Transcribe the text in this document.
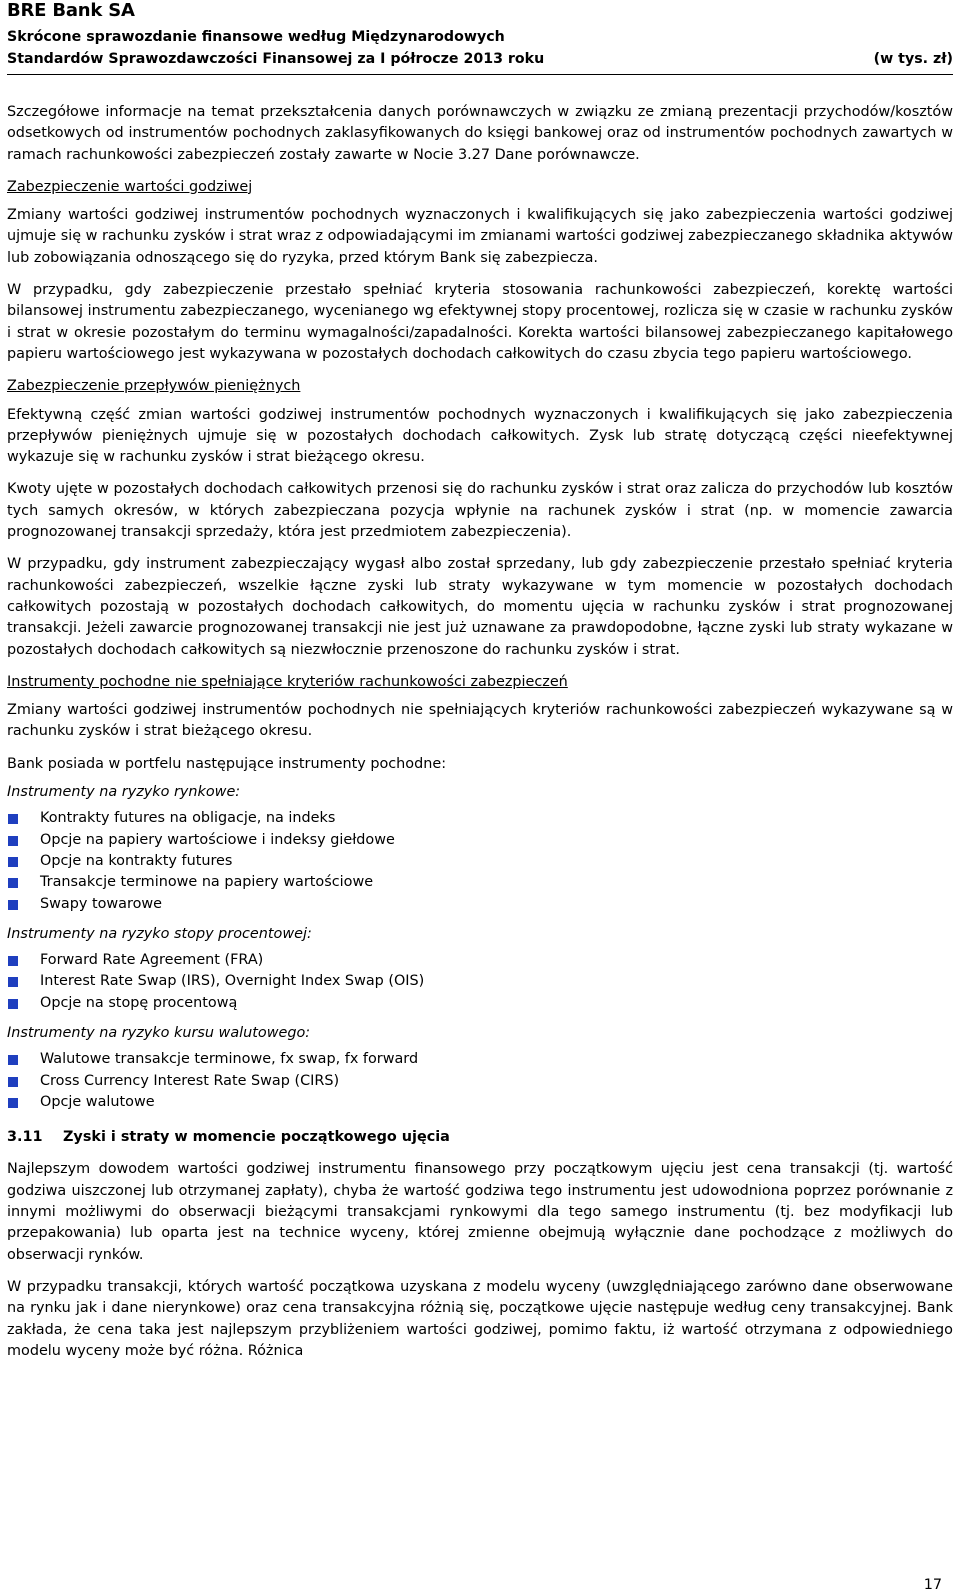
BRE Bank SA
Skrócone sprawozdanie finansowe według Międzynarodowych
Standardów Sprawozdawczości Finansowej za I półrocze 2013 roku	(w tys. zł)

Szczegółowe informacje na temat przekształcenia danych porównawczych w związku ze zmianą prezentacji przychodów/kosztów odsetkowych od instrumentów pochodnych zaklasyfikowanych do księgi bankowej oraz od instrumentów pochodnych zawartych w ramach rachunkowości zabezpieczeń zostały zawarte w Nocie 3.27 Dane porównawcze.

Zabezpieczenie wartości godziwej

Zmiany wartości godziwej instrumentów pochodnych wyznaczonych i kwalifikujących się jako zabezpieczenia wartości godziwej ujmuje się w rachunku zysków i strat wraz z odpowiadającymi im zmianami wartości godziwej zabezpieczanego składnika aktywów lub zobowiązania odnoszącego się do ryzyka, przed którym Bank się zabezpiecza.

W przypadku, gdy zabezpieczenie przestało spełniać kryteria stosowania rachunkowości zabezpieczeń, korektę wartości bilansowej instrumentu zabezpieczanego, wycenianego wg efektywnej stopy procentowej, rozlicza się w czasie w rachunku zysków i strat w okresie pozostałym do terminu wymagalności/zapadalności. Korekta wartości bilansowej zabezpieczanego kapitałowego papieru wartościowego jest wykazywana w pozostałych dochodach całkowitych do czasu zbycia tego papieru wartościowego.

Zabezpieczenie przepływów pieniężnych

Efektywną część zmian wartości godziwej instrumentów pochodnych wyznaczonych i kwalifikujących się jako zabezpieczenia przepływów pieniężnych ujmuje się w pozostałych dochodach całkowitych. Zysk lub stratę dotyczącą części nieefektywnej wykazuje się w rachunku zysków i strat bieżącego okresu.

Kwoty ujęte w pozostałych dochodach całkowitych przenosi się do rachunku zysków i strat oraz zalicza do przychodów lub kosztów tych samych okresów, w których zabezpieczana pozycja wpłynie na rachunek zysków i strat (np. w momencie zawarcia prognozowanej transakcji sprzedaży, która jest przedmiotem zabezpieczenia).

W przypadku, gdy instrument zabezpieczający wygasł albo został sprzedany, lub gdy zabezpieczenie przestało spełniać kryteria rachunkowości zabezpieczeń, wszelkie łączne zyski lub straty wykazywane w tym momencie w pozostałych dochodach całkowitych pozostają w pozostałych dochodach całkowitych, do momentu ujęcia w rachunku zysków i strat prognozowanej transakcji. Jeżeli zawarcie prognozowanej transakcji nie jest już uznawane za prawdopodobne, łączne zyski lub straty wykazane w pozostałych dochodach całkowitych są niezwłocznie przenoszone do rachunku zysków i strat.

Instrumenty pochodne nie spełniające kryteriów rachunkowości zabezpieczeń

Zmiany wartości godziwej instrumentów pochodnych nie spełniających kryteriów rachunkowości zabezpieczeń wykazywane są w rachunku zysków i strat bieżącego okresu.

Bank posiada w portfelu następujące instrumenty pochodne:

Instrumenty na ryzyko rynkowe:
Kontrakty futures na obligacje, na indeks
Opcje na papiery wartościowe i indeksy giełdowe
Opcje na kontrakty futures
Transakcje terminowe na papiery wartościowe
Swapy towarowe
Instrumenty na ryzyko stopy procentowej:
Forward Rate Agreement (FRA)
Interest Rate Swap (IRS), Overnight Index Swap (OIS)
Opcje na stopę procentową
Instrumenty na ryzyko kursu walutowego:
Walutowe transakcje terminowe, fx swap, fx forward
Cross Currency Interest Rate Swap (CIRS)
Opcje walutowe
3.11 Zyski i straty w momencie początkowego ujęcia

Najlepszym dowodem wartości godziwej instrumentu finansowego przy początkowym ujęciu jest cena transakcji (tj. wartość godziwa uiszczonej lub otrzymanej zapłaty), chyba że wartość godziwa tego instrumentu jest udowodniona poprzez porównanie z innymi możliwymi do obserwacji bieżącymi transakcjami rynkowymi dla tego samego instrumentu (tj. bez modyfikacji lub przepakowania) lub oparta jest na technice wyceny, której zmienne obejmują wyłącznie dane pochodzące z możliwych do obserwacji rynków.

W przypadku transakcji, których wartość początkowa uzyskana z modelu wyceny (uwzględniającego zarówno dane obserwowane na rynku jak i dane nierynkowe) oraz cena transakcyjna różnią się, początkowe ujęcie następuje według ceny transakcyjnej. Bank zakłada, że cena taka jest najlepszym przybliżeniem wartości godziwej, pomimo faktu, iż wartość otrzymana z odpowiedniego modelu wyceny może być różna. Różnica

17
